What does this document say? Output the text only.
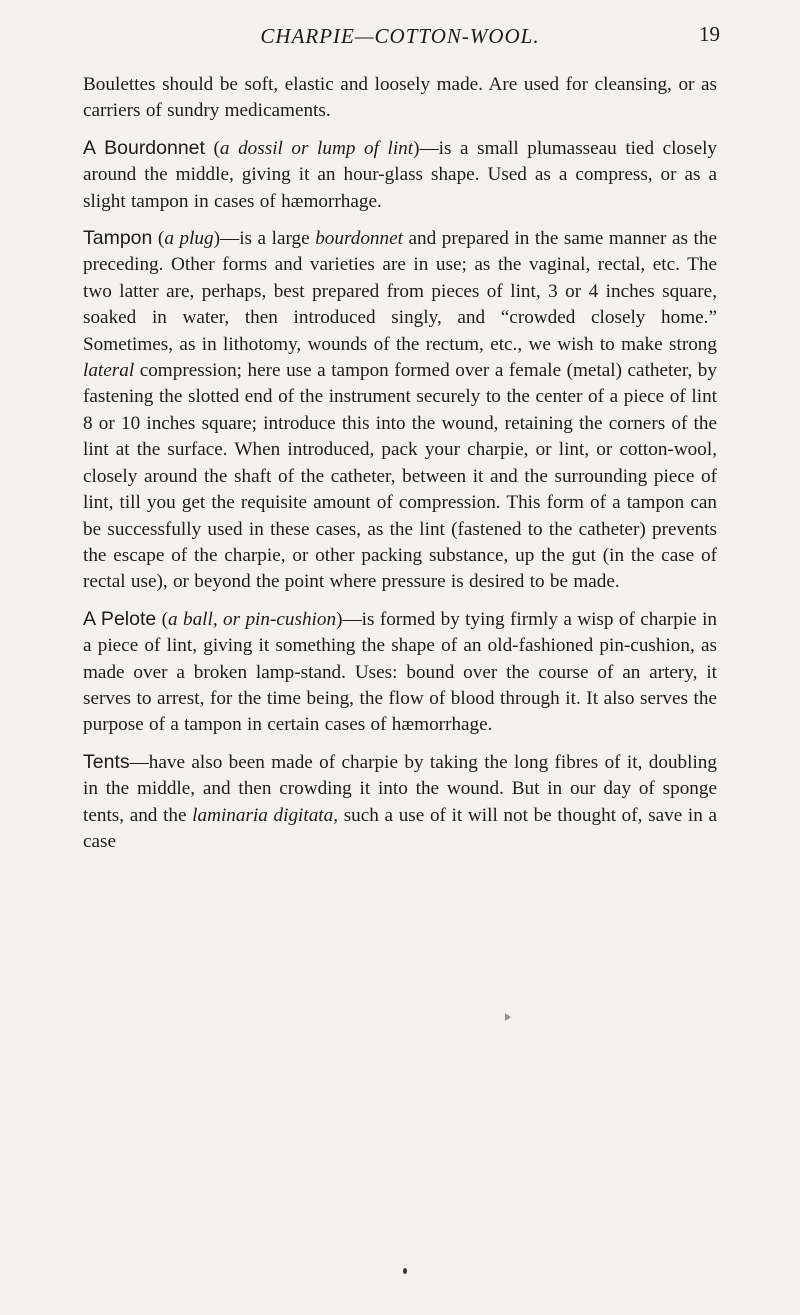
CHARPIE—COTTON-WOOL.	19

Boulettes should be soft, elastic and loosely made. Are used for cleansing, or as carriers of sundry medicaments.

A Bourdonnet (a dossil or lump of lint)—is a small plumasseau tied closely around the middle, giving it an hour-glass shape. Used as a compress, or as a slight tampon in cases of hæmorrhage.

Tampon (a plug)—is a large bourdonnet and prepared in the same manner as the preceding. Other forms and varieties are in use; as the vaginal, rectal, etc. The two latter are, perhaps, best prepared from pieces of lint, 3 or 4 inches square, soaked in water, then introduced singly, and “crowded closely home.” Sometimes, as in lithotomy, wounds of the rectum, etc., we wish to make strong lateral compression; here use a tampon formed over a female (metal) catheter, by fastening the slotted end of the instrument securely to the center of a piece of lint 8 or 10 inches square; introduce this into the wound, retaining the corners of the lint at the surface. When introduced, pack your charpie, or lint, or cotton-wool, closely around the shaft of the catheter, between it and the surrounding piece of lint, till you get the requisite amount of compression. This form of a tampon can be successfully used in these cases, as the lint (fastened to the catheter) prevents the escape of the charpie, or other packing substance, up the gut (in the case of rectal use), or beyond the point where pressure is desired to be made.

A Pelote (a ball, or pin-cushion)—is formed by tying firmly a wisp of charpie in a piece of lint, giving it something the shape of an old-fashioned pin-cushion, as made over a broken lamp-stand. Uses: bound over the course of an artery, it serves to arrest, for the time being, the flow of blood through it. It also serves the purpose of a tampon in certain cases of hæmorrhage.

Tents—have also been made of charpie by taking the long fibres of it, doubling in the middle, and then crowding it into the wound. But in our day of sponge tents, and the laminaria digitata, such a use of it will not be thought of, save in a case
